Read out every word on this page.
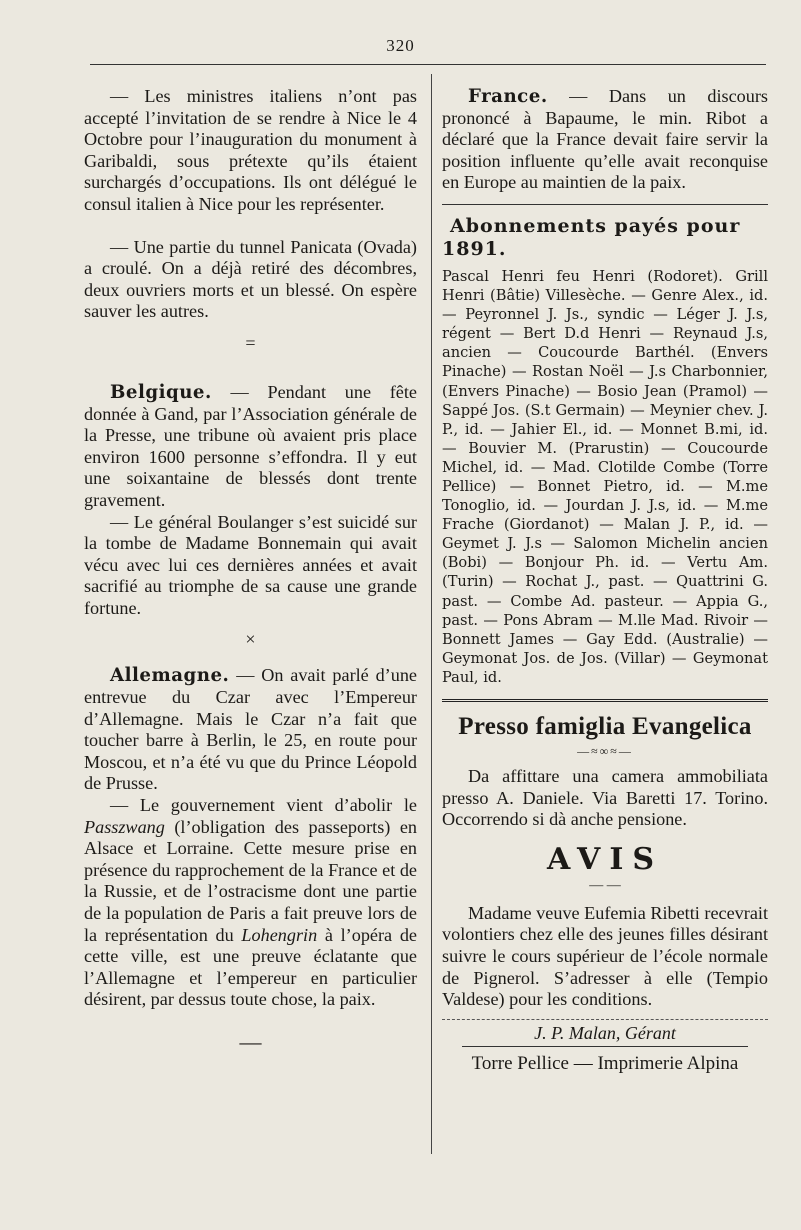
320

— Les ministres italiens n’ont pas accepté l’invitation de se rendre à Nice le 4 Octobre pour l’inauguration du monument à Garibaldi, sous prétexte qu’ils étaient surchargés d’occupations. Ils ont délégué le consul italien à Nice pour les représenter.

— Une partie du tunnel Panicata (Ovada) a croulé. On a déjà retiré des décombres, deux ouvriers morts et un blessé. On espère sauver les autres.

=

Belgique. — Pendant une fête donnée à Gand, par l’Association générale de la Presse, une tribune où avaient pris place environ 1600 personne s’effondra. Il y eut une soixantaine de blessés dont trente gravement.

— Le général Boulanger s’est suicidé sur la tombe de Madame Bonnemain qui avait vécu avec lui ces dernières années et avait sacrifié au triomphe de sa cause une grande fortune.

×

Allemagne. — On avait parlé d’une entrevue du Czar avec l’Empereur d’Allemagne. Mais le Czar n’a fait que toucher barre à Berlin, le 25, en route pour Moscou, et n’a été vu que du Prince Léopold de Prusse.

— Le gouvernement vient d’abolir le Passzwang (l’obligation des passeports) en Alsace et Lorraine. Cette mesure prise en présence du rapprochement de la France et de la Russie, et de l’ostracisme dont une partie de la population de Paris a fait preuve lors de la représentation du Lohengrin à l’opéra de cette ville, est une preuve éclatante que l’Allemagne et l’empereur en particulier désirent, par dessus toute chose, la paix.

—

France. — Dans un discours prononcé à Bapaume, le min. Ribot a déclaré que la France devait faire servir la position influente qu’elle avait reconquise en Europe au maintien de la paix.

Abonnements payés pour 1891.

Pascal Henri feu Henri (Rodoret). Grill Henri (Bâtie) Villesèche. — Genre Alex., id. — Peyronnel J. Js., syndic — Léger J. J.s, régent — Bert D.d Henri — Reynaud J.s, ancien — Coucourde Barthél. (Envers Pinache) — Rostan Noël — J.s Charbonnier, (Envers Pinache) — Bosio Jean (Pramol) — Sappé Jos. (S.t Germain) — Meynier chev. J. P., id. — Jahier El., id. — Monnet B.mi, id. — Bouvier M. (Prarustin) — Coucourde Michel, id. — Mad. Clotilde Combe (Torre Pellice) — Bonnet Pietro, id. — M.me Tonoglio, id. — Jourdan J. J.s, id. — M.me Frache (Giordanot) — Malan J. P., id. — Geymet J. J.s — Salomon Michelin ancien (Bobi) — Bonjour Ph. id. — Vertu Am. (Turin) — Rochat J., past. — Quattrini G. past. — Combe Ad. pasteur. — Appia G., past. — Pons Abram — M.lle Mad. Rivoir — Bonnett James — Gay Edd. (Australie) — Geymonat Jos. de Jos. (Villar) — Geymonat Paul, id.

Presso famiglia Evangelica
—≈∞≈—

Da affittare una camera ammobiliata presso A. Daniele. Via Baretti 17. Torino. Occorrendo si dà anche pensione.

AVIS
— —

Madame veuve Eufemia Ribetti recevrait volontiers chez elle des jeunes filles désirant suivre le cours supérieur de l’école normale de Pignerol. S’adresser à elle (Tempio Valdese) pour les conditions.

J. P. Malan, Gérant
Torre Pellice — Imprimerie Alpina
